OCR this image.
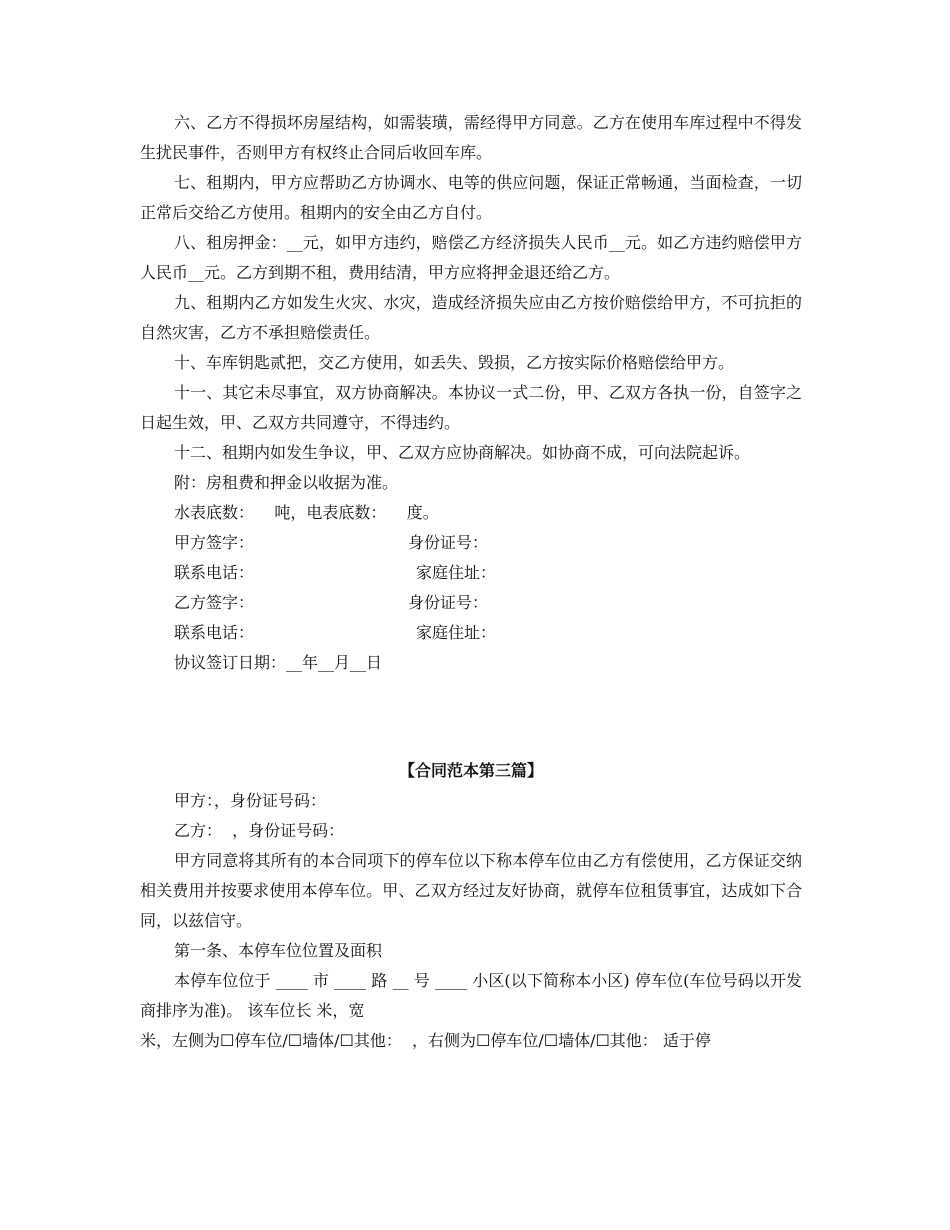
六、乙方不得损坏房屋结构，如需装璜，需经得甲方同意。乙方在使用车库过程中不得发生扰民事件，否则甲方有权终止合同后收回车库。

七、租期内，甲方应帮助乙方协调水、电等的供应问题，保证正常畅通，当面检查，一切正常后交给乙方使用。租期内的安全由乙方自付。

八、租房押金：__元，如甲方违约，赔偿乙方经济损失人民币__元。如乙方违约赔偿甲方人民币__元。乙方到期不租，费用结清，甲方应将押金退还给乙方。

九、租期内乙方如发生火灾、水灾，造成经济损失应由乙方按价赔偿给甲方，不可抗拒的自然灾害，乙方不承担赔偿责任。

十、车库钥匙贰把，交乙方使用，如丢失、毁损，乙方按实际价格赔偿给甲方。

十一、其它未尽事宜，双方协商解决。本协议一式二份，甲、乙双方各执一份，自签字之日起生效，甲、乙双方共同遵守，不得违约。

十二、租期内如发生争议，甲、乙双方应协商解决。如协商不成，可向法院起诉。

附：房租费和押金以收据为准。

水表底数：    吨，电表底数：    度。

甲方签字：	身份证号：
联系电话：	家庭住址：
乙方签字：	身份证号：
联系电话：	家庭住址：

协议签订日期：__年__月__日

【合同范本第三篇】

甲方：，身份证号码：

乙方：  ，身份证号码：

甲方同意将其所有的本合同项下的停车位以下称本停车位由乙方有偿使用，乙方保证交纳相关费用并按要求使用本停车位。甲、乙双方经过友好协商，就停车位租赁事宜，达成如下合同，以兹信守。

第一条、本停车位位置及面积

本停车位位于 ____ 市 ____ 路 __ 号 ____ 小区(以下简称本小区) 停车位(车位号码以开发商排序为准)。 该车位长 米，宽

米，左侧为☐停车位/☐墙体/☐其他：  ，右侧为☐停车位/☐墙体/☐其他： 适于停
